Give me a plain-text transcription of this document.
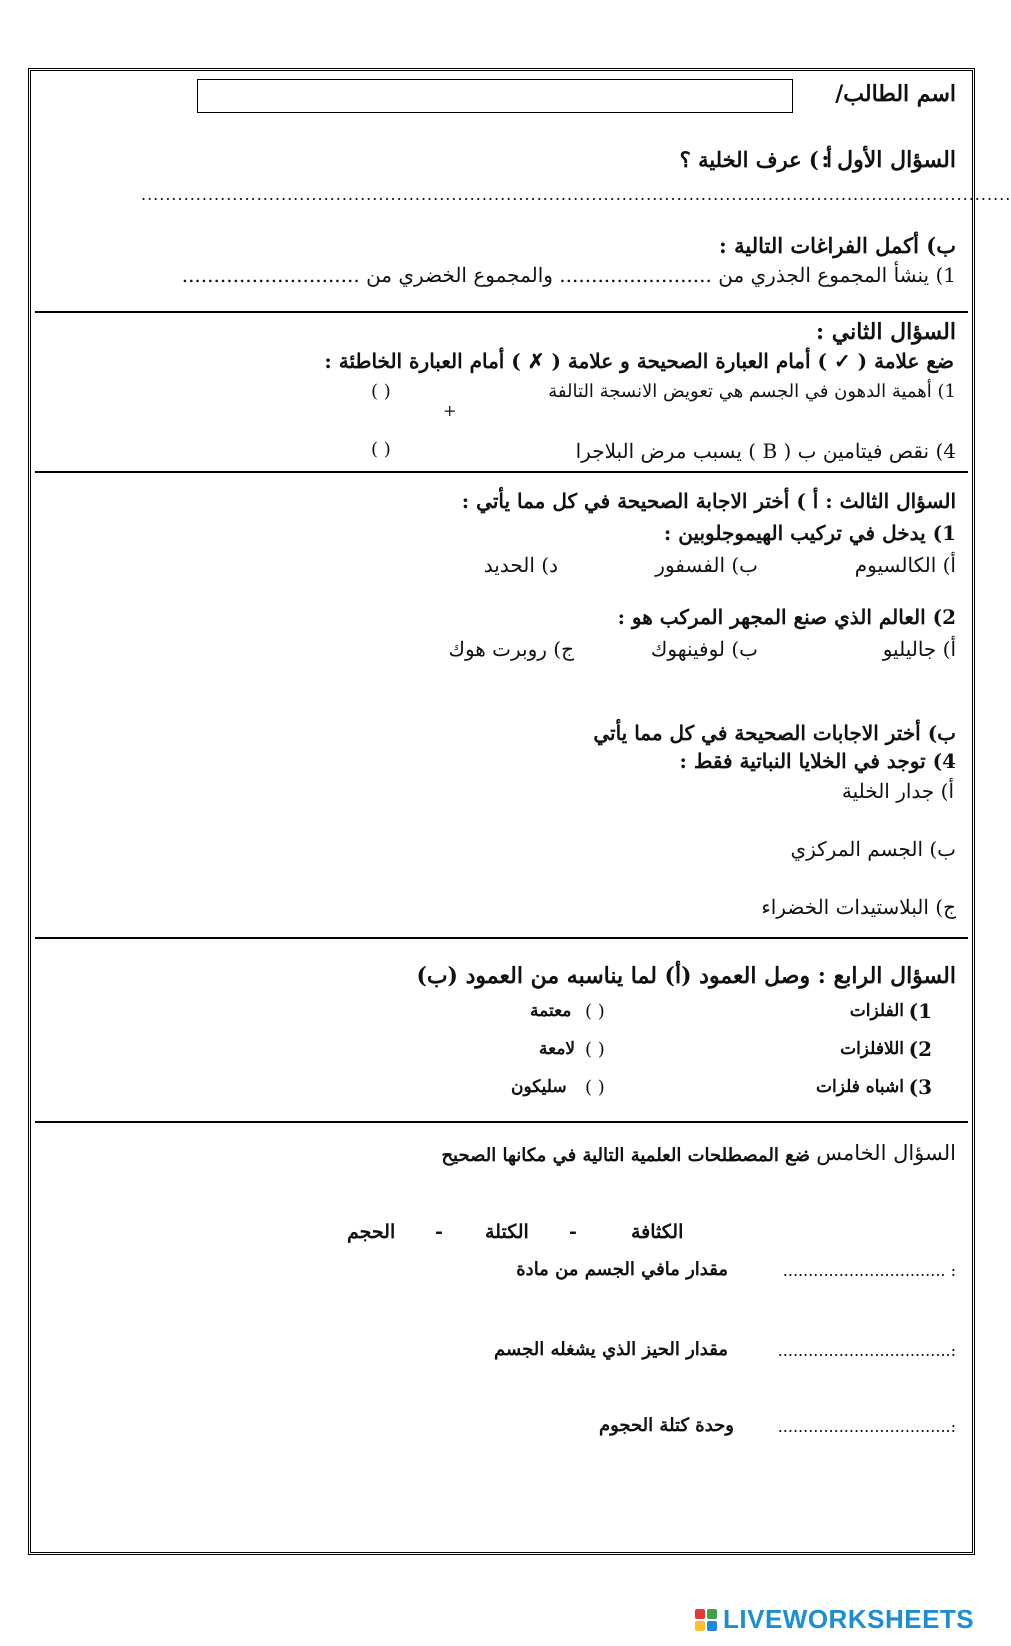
اسم الطالب/
السؤال الأول :
أ ) عرف الخلية ؟
...............................................................................................................................................
ب) أكمل الفراغات التالية :
1) ينشأ المجموع الجذري من ........................ والمجموع الخضري من ............................
السؤال الثاني :
ضع علامة ( ✓ ) أمام العبارة الصحيحة و علامة ( ✗ ) أمام العبارة الخاطئة :
1) أهمية الدهون في الجسم هي تعويض الانسجة التالفة
( )
+
4) نقص فيتامين ب ( B ) يسبب مرض البلاجرا
( )
السؤال الثالث : أ ) أختر الاجابة الصحيحة في كل مما يأتي :
1) يدخل في تركيب الهيموجلوبين :
أ) الكالسيوم
ب) الفسفور
د) الحديد
2) العالم الذي صنع المجهر المركب هو :
أ) جاليليو
ب) لوفينهوك
ج) روبرت هوك
ب) أختر الاجابات الصحيحة في كل مما يأتي
4) توجد في الخلايا النباتية فقط :
أ) جدار الخلية
ب) الجسم المركزي
ج) البلاستيدات الخضراء
السؤال الرابع : وصل العمود (أ) لما يناسبه من العمود (ب)
1)
الفلزات
( )
معتمة
2)
اللافلزات
( )
لامعة
3)
اشباه فلزات
( )
سليكون
السؤال الخامس :
ضع المصطلحات العلمية التالية في مكانها الصحيح
الكثافة
-
الكتلة
-
الحجم
................................ :
مقدار مافي الجسم من مادة
..................................:
مقدار الحيز الذي يشغله الجسم
..................................:
وحدة كتلة الحجوم
LIVEWORKSHEETS
